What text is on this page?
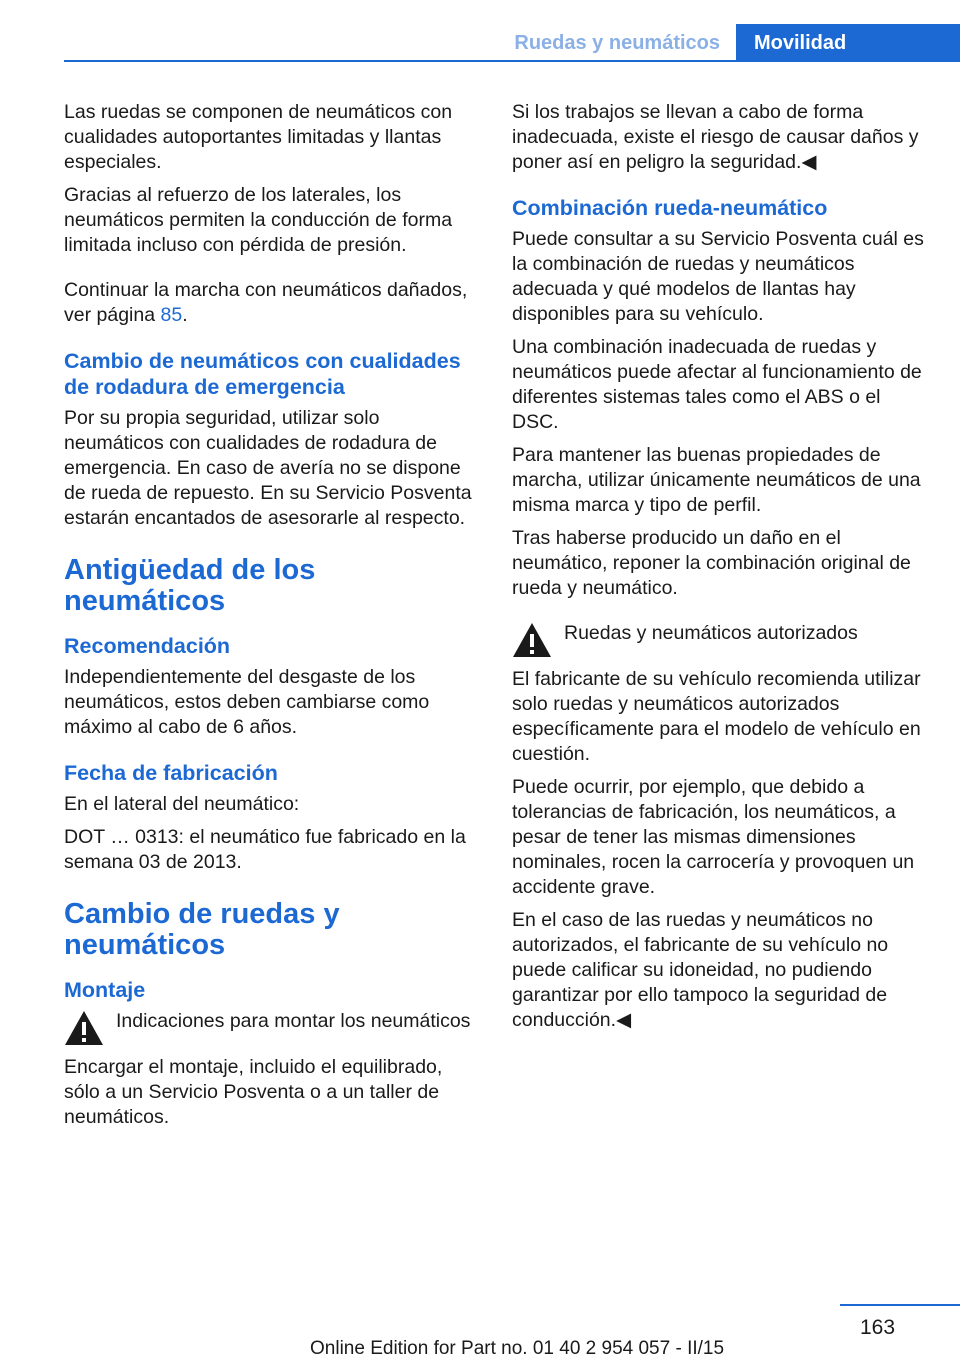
Ruedas y neumáticos	Movilidad

Las ruedas se componen de neumáticos con cualidades autoportantes limitadas y llantas especiales.

Gracias al refuerzo de los laterales, los neumáticos permiten la conducción de forma limitada incluso con pérdida de presión.

Continuar la marcha con neumáticos dañados, ver página 85.

Cambio de neumáticos con cualidades de rodadura de emergencia

Por su propia seguridad, utilizar solo neumáticos con cualidades de rodadura de emergencia. En caso de avería no se dispone de rueda de repuesto. En su Servicio Posventa estarán encantados de asesorarle al respecto.

Antigüedad de los neumáticos
Recomendación

Independientemente del desgaste de los neumáticos, estos deben cambiarse como máximo al cabo de 6 años.

Fecha de fabricación

En el lateral del neumático:

DOT … 0313: el neumático fue fabricado en la semana 03 de 2013.

Cambio de ruedas y neumáticos
Montaje

Indicaciones para montar los neumáticos

Encargar el montaje, incluido el equilibrado, sólo a un Servicio Posventa o a un taller de neumáticos.

Si los trabajos se llevan a cabo de forma inadecuada, existe el riesgo de causar daños y poner así en peligro la seguridad.◀

Combinación rueda-neumático

Puede consultar a su Servicio Posventa cuál es la combinación de ruedas y neumáticos adecuada y qué modelos de llantas hay disponibles para su vehículo.

Una combinación inadecuada de ruedas y neumáticos puede afectar al funcionamiento de diferentes sistemas tales como el ABS o el DSC.

Para mantener las buenas propiedades de marcha, utilizar únicamente neumáticos de una misma marca y tipo de perfil.

Tras haberse producido un daño en el neumático, reponer la combinación original de rueda y neumático.

Ruedas y neumáticos autorizados

El fabricante de su vehículo recomienda utilizar solo ruedas y neumáticos autorizados específicamente para el modelo de vehículo en cuestión.

Puede ocurrir, por ejemplo, que debido a tolerancias de fabricación, los neumáticos, a pesar de tener las mismas dimensiones nominales, rocen la carrocería y provoquen un accidente grave.

En el caso de las ruedas y neumáticos no autorizados, el fabricante de su vehículo no puede calificar su idoneidad, no pudiendo garantizar por ello tampoco la seguridad de conducción.◀

163
Online Edition for Part no. 01 40 2 954 057 - II/15
